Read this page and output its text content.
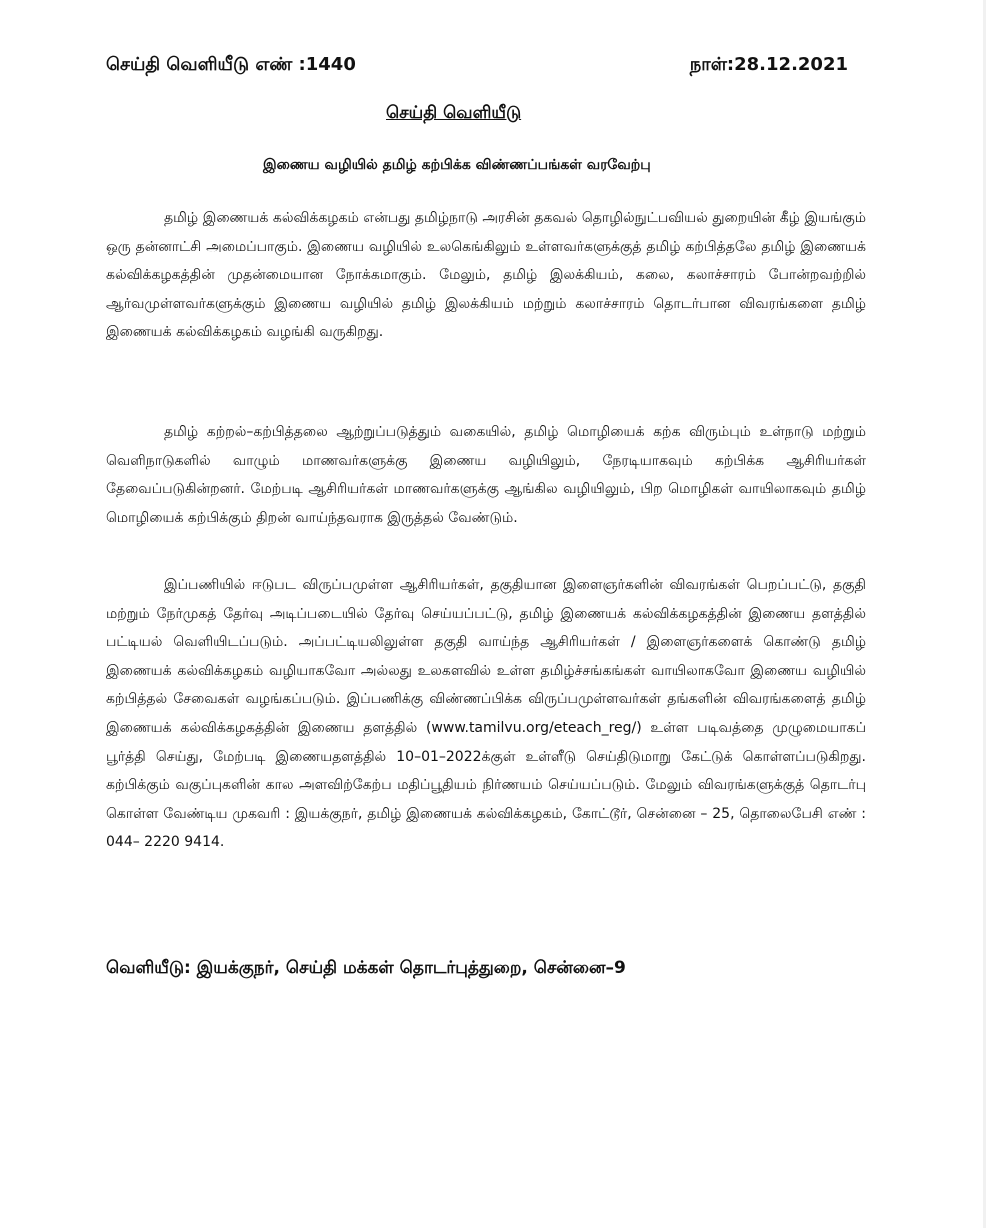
செய்தி வெளியீடு எண் :1440	நாள்:28.12.2021
செய்தி வெளியீடு
இணைய வழியில் தமிழ் கற்பிக்க விண்ணப்பங்கள் வரவேற்பு

தமிழ் இணையக் கல்விக்கழகம் என்பது தமிழ்நாடு அரசின் தகவல் தொழில்நுட்பவியல் துறையின் கீழ் இயங்கும் ஒரு தன்னாட்சி அமைப்பாகும். இணைய வழியில் உலகெங்கிலும் உள்ளவர்களுக்குத் தமிழ் கற்பித்தலே தமிழ் இணையக் கல்விக்கழகத்தின் முதன்மையான நோக்கமாகும். மேலும், தமிழ் இலக்கியம், கலை, கலாச்சாரம் போன்றவற்றில் ஆர்வமுள்ளவர்களுக்கும் இணைய வழியில் தமிழ் இலக்கியம் மற்றும் கலாச்சாரம் தொடர்பான விவரங்களை தமிழ் இணையக் கல்விக்கழகம் வழங்கி வருகிறது.

தமிழ் கற்றல்–கற்பித்தலை ஆற்றுப்படுத்தும் வகையில், தமிழ் மொழியைக் கற்க விரும்பும் உள்நாடு மற்றும் வெளிநாடுகளில் வாழும் மாணவர்களுக்கு இணைய வழியிலும், நேரடியாகவும் கற்பிக்க ஆசிரியர்கள் தேவைப்படுகின்றனர். மேற்படி ஆசிரியர்கள் மாணவர்களுக்கு ஆங்கில வழியிலும், பிற மொழிகள் வாயிலாகவும் தமிழ் மொழியைக் கற்பிக்கும் திறன் வாய்ந்தவராக இருத்தல் வேண்டும்.

இப்பணியில் ஈடுபட விருப்பமுள்ள ஆசிரியர்கள், தகுதியான இளைஞர்களின் விவரங்கள் பெறப்பட்டு, தகுதி மற்றும் நேர்முகத் தேர்வு அடிப்படையில் தேர்வு செய்யப்பட்டு, தமிழ் இணையக் கல்விக்கழகத்தின் இணைய தளத்தில் பட்டியல் வெளியிடப்படும். அப்பட்டியலிலுள்ள தகுதி வாய்ந்த ஆசிரியர்கள் / இளைஞர்களைக் கொண்டு தமிழ் இணையக் கல்விக்கழகம் வழியாகவோ அல்லது உலகளவில் உள்ள தமிழ்ச்சங்கங்கள் வாயிலாகவோ இணைய வழியில் கற்பித்தல் சேவைகள் வழங்கப்படும். இப்பணிக்கு விண்ணப்பிக்க விருப்பமுள்ளவர்கள் தங்களின் விவரங்களைத் தமிழ் இணையக் கல்விக்கழகத்தின் இணைய தளத்தில் (www.tamilvu.org/eteach_reg/) உள்ள படிவத்தை முழுமையாகப் பூர்த்தி செய்து, மேற்படி இணையதளத்தில் 10–01–2022க்குள் உள்ளீடு செய்திடுமாறு கேட்டுக் கொள்ளப்படுகிறது. கற்பிக்கும் வகுப்புகளின் கால அளவிற்கேற்ப மதிப்பூதியம் நிர்ணயம் செய்யப்படும். மேலும் விவரங்களுக்குத் தொடர்பு கொள்ள வேண்டிய முகவரி : இயக்குநர், தமிழ் இணையக் கல்விக்கழகம், கோட்டூர், சென்னை – 25, தொலைபேசி எண் : 044– 2220 9414.

வெளியீடு: இயக்குநர், செய்தி மக்கள் தொடர்புத்துறை, சென்னை–9
